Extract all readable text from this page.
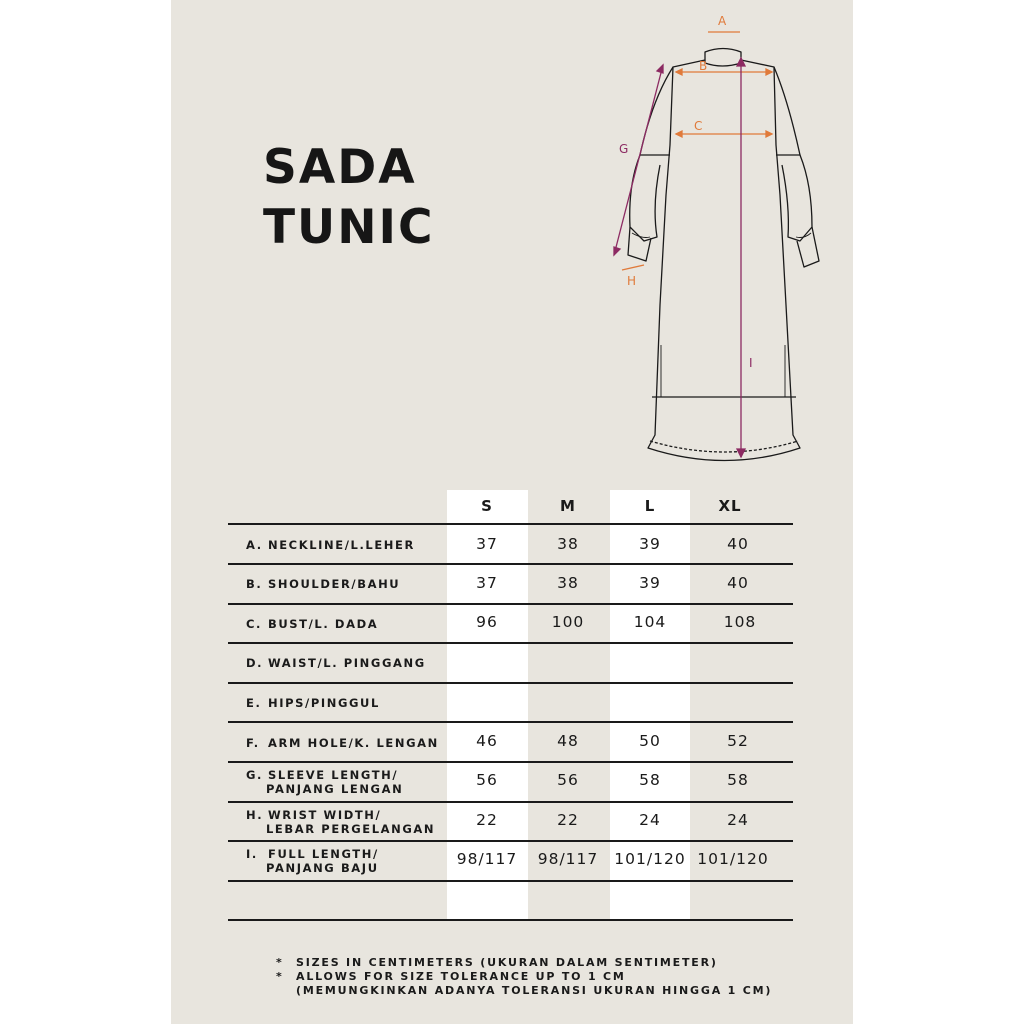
SADA
TUNIC
A
B
C
H
G
I
S	M	L	XL
A. NECKLINE/L.LEHER	37	38	39	40
B. SHOULDER/BAHU	37	38	39	40
C. BUST/L. DADA	96	100	104	108
D. WAIST/L. PINGGANG
E. HIPS/PINGGUL
F. ARM HOLE/K. LENGAN	46	48	50	52
G. SLEEVE LENGTH/
PANJANG LENGAN	56	56	58	58
H. WRIST WIDTH/
LEBAR PERGELANGAN	22	22	24	24
I. FULL LENGTH/
PANJANG BAJU	98/117	98/117	101/120 101/120
* SIZES IN CENTIMETERS (UKURAN DALAM SENTIMETER)
* ALLOWS FOR SIZE TOLERANCE UP TO 1 CM
(MEMUNGKINKAN ADANYA TOLERANSI UKURAN HINGGA 1 CM)
